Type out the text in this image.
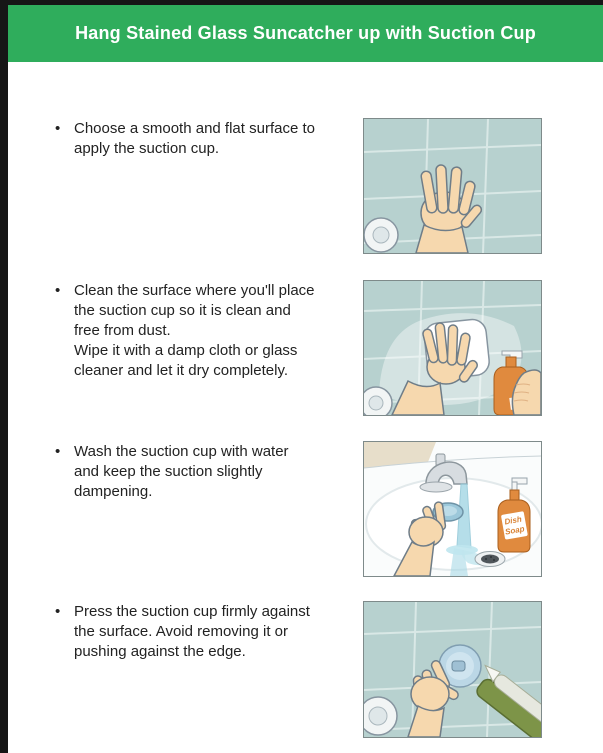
Hang Stained Glass Suncatcher up with Suction Cup
• Choose a smooth and flat surface to
apply the suction cup.
• Clean the surface where you'll place
the suction cup so it is clean and
free from dust.
Wipe it with a damp cloth or glass
cleaner and let it dry completely.
• Wash the suction cup with water
and keep the suction slightly
dampening.
Dish
Soap
• Press the suction cup firmly against
the surface. Avoid removing it or
pushing against the edge.
